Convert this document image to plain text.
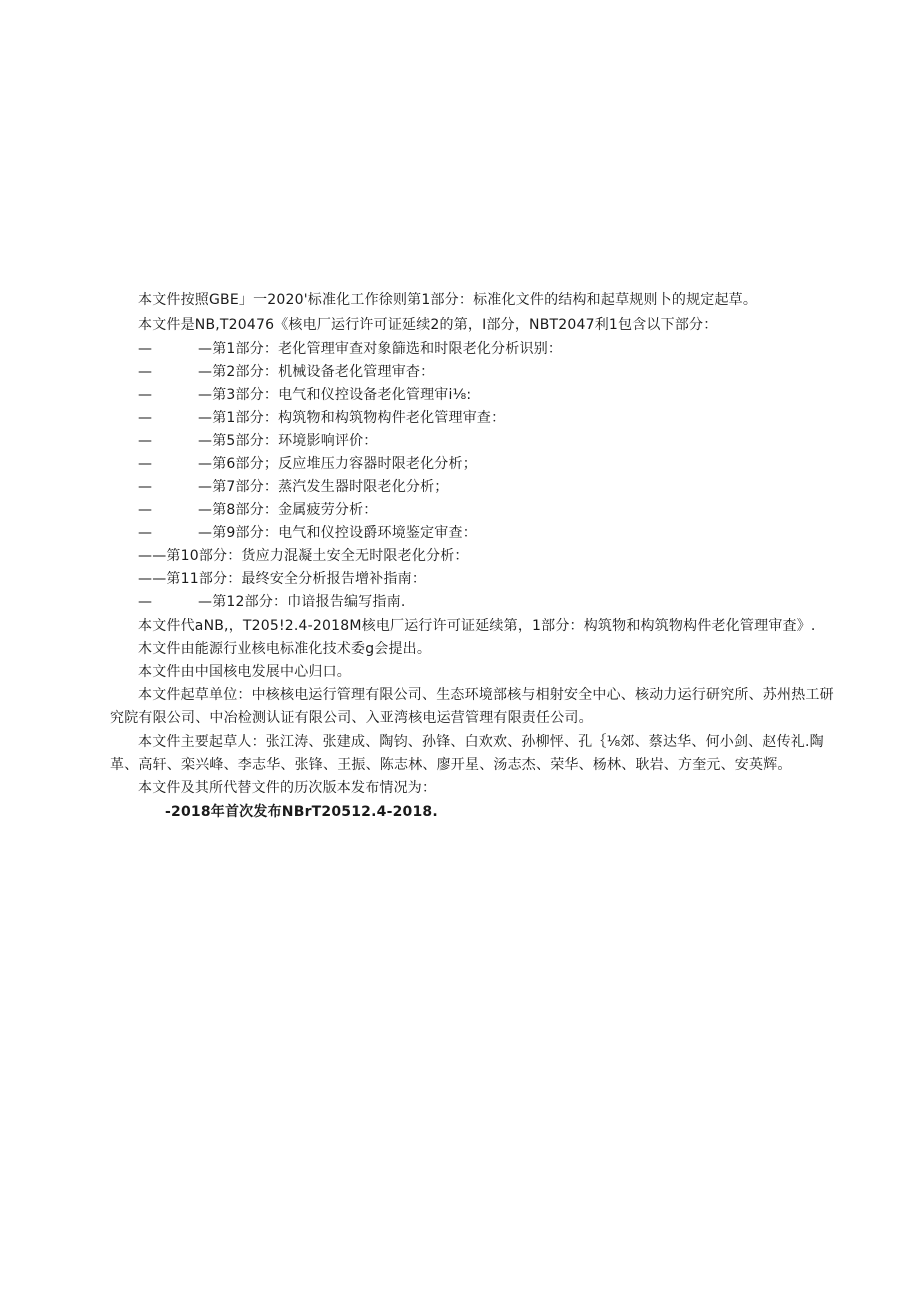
本文件按照GBE」一2020'标准化工作徐则第1部分：标准化文件的结构和起草规则卜的规定起草。
本文件是NB,T20476《核电厂运行许可证延续2的第，I部分，NBT2047利1包含以下部分：
—	—第1部分：老化管理审查对象篩选和时限老化分析识别：
—	—第2部分：机械设备老化管理审杳：
—	—第3部分：电气和仪控设备老化管理审i⅛:
—	—第1部分：构筑物和构筑物构件老化管理审查：
—	—第5部分：环境影响评价：
—	—第6部分；反应堆压力容器时限老化分析；
—	—第7部分：蒸汽发生器时限老化分析；
—	—第8部分：金属疲劳分析：
—	—第9部分：电气和仪控设爵环境鉴定审查：
——第10部分：货应力混凝土安全无时限老化分析：
——第11部分：最终安全分析报告增补指南：
—	—第12部分：巾谙报告编写指南.
本文件代aNB,，T205!2.4-2018M核电厂运行许可证延续第，1部分：构筑物和构筑物构件老化管理审査》.
木文件由能源行业核电标准化技术委g会提出。
本文件由中国核电发展中心归口。
本文件起草单位：中核核电运行管理有限公司、生态环境部核与相射安全中心、核动力运行研究所、苏州热工研
究院有限公司、中冶检测认证有限公司、入亚湾核电运营管理有限责任公司。
本文件主要起草人：张江涛、张建成、陶钧、孙锋、白欢欢、孙柳怦、孔｛⅛郊、蔡达华、何小剑、赵传礼.陶
革、高轩、栾兴峰、李志华、张锋、王振、陈志林、廖开星、汤志杰、荣华、杨林、耿岩、方奎元、安英辉。
本文件及其所代替文件的历次版本发布情况为：
-2018年首次发布NBrT20512.4-2018.
